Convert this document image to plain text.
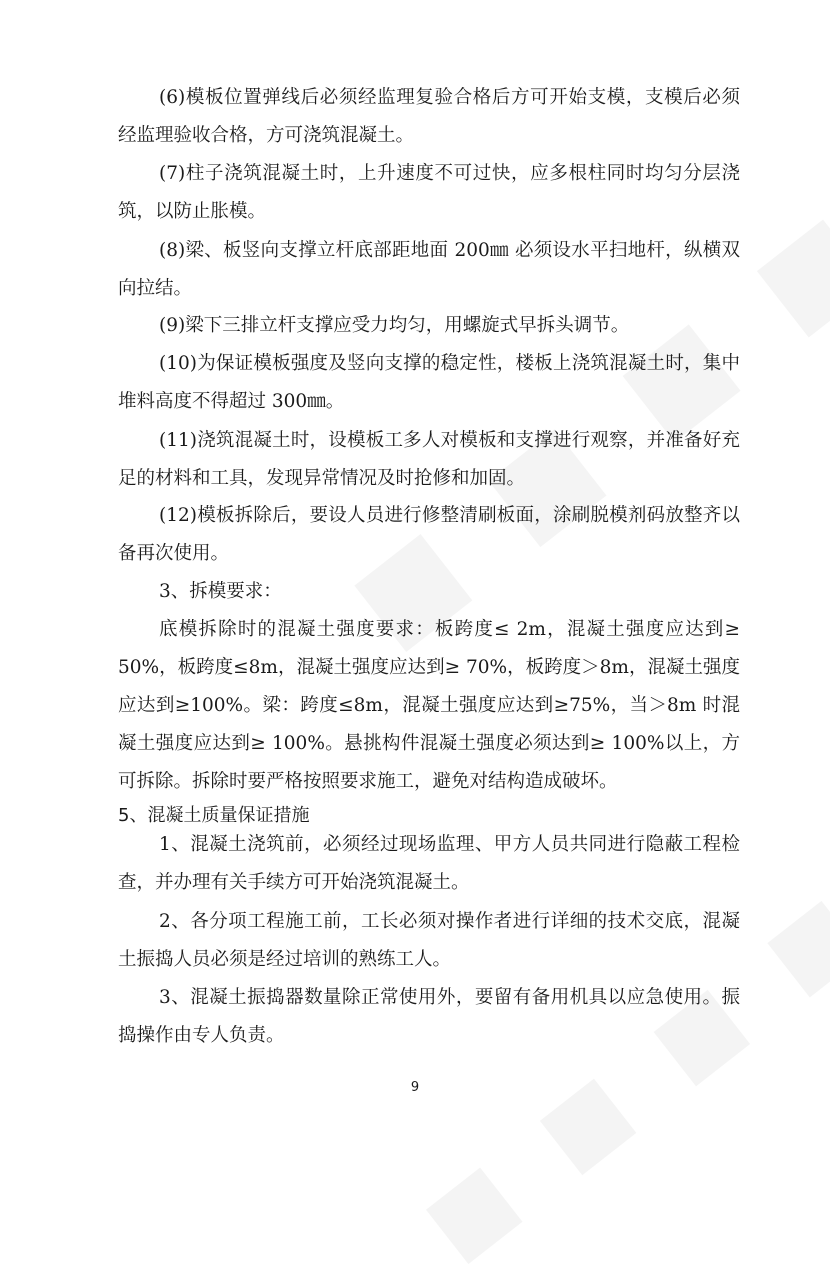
(6)模板位置弹线后必须经监理复验合格后方可开始支模，支模后必须经监理验收合格，方可浇筑混凝土。

(7)柱子浇筑混凝土时，上升速度不可过快，应多根柱同时均匀分层浇筑，以防止胀模。

(8)梁、板竖向支撑立杆底部距地面 200㎜ 必须设水平扫地杆，纵横双向拉结。

(9)梁下三排立杆支撑应受力均匀，用螺旋式早拆头调节。

(10)为保证模板强度及竖向支撑的稳定性，楼板上浇筑混凝土时，集中堆料高度不得超过 300㎜。

(11)浇筑混凝土时，设模板工多人对模板和支撑进行观察，并准备好充足的材料和工具，发现异常情况及时抢修和加固。

(12)模板拆除后，要设人员进行修整清刷板面，涂刷脱模剂码放整齐以备再次使用。

3、拆模要求：

底模拆除时的混凝土强度要求：板跨度≤ 2m，混凝土强度应达到≥ 50%，板跨度≤8m，混凝土强度应达到≥ 70%，板跨度＞8m，混凝土强度应达到≥100%。梁：跨度≤8m，混凝土强度应达到≥75%，当＞8m 时混凝土强度应达到≥ 100%。悬挑构件混凝土强度必须达到≥ 100%以上，方可拆除。拆除时要严格按照要求施工，避免对结构造成破坏。

5、混凝土质量保证措施

1、混凝土浇筑前，必须经过现场监理、甲方人员共同进行隐蔽工程检查，并办理有关手续方可开始浇筑混凝土。

2、各分项工程施工前，工长必须对操作者进行详细的技术交底，混凝土振捣人员必须是经过培训的熟练工人。

3、混凝土振捣器数量除正常使用外，要留有备用机具以应急使用。振捣操作由专人负责。

9
